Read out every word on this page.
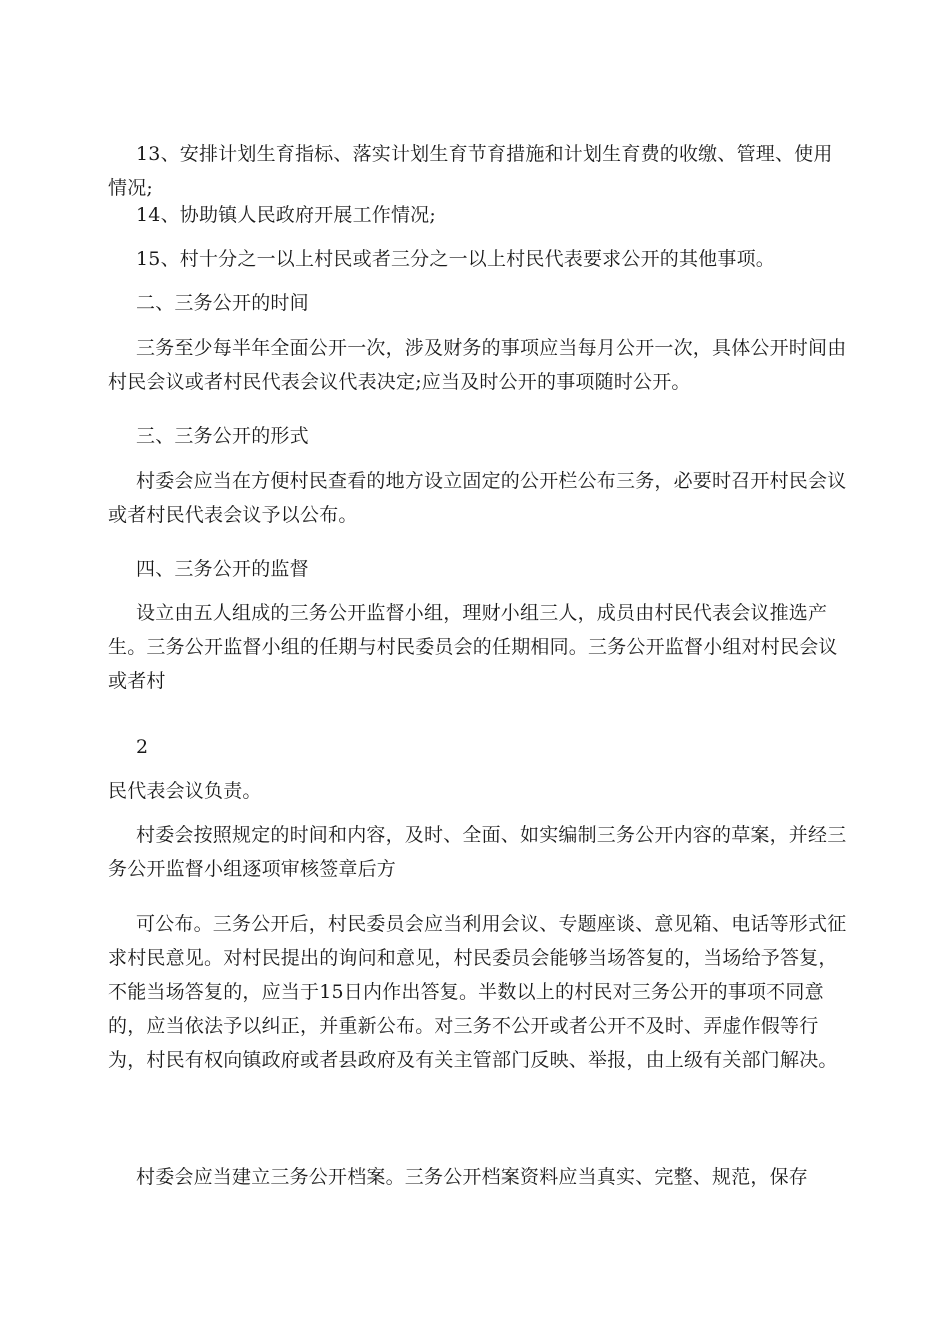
13、安排计划生育指标、落实计划生育节育措施和计划生育费的收缴、管理、使用情况;

14、协助镇人民政府开展工作情况;

15、村十分之一以上村民或者三分之一以上村民代表要求公开的其他事项。

二、三务公开的时间

三务至少每半年全面公开一次，涉及财务的事项应当每月公开一次，具体公开时间由村民会议或者村民代表会议代表决定;应当及时公开的事项随时公开。

三、三务公开的形式

村委会应当在方便村民查看的地方设立固定的公开栏公布三务，必要时召开村民会议或者村民代表会议予以公布。

四、三务公开的监督

设立由五人组成的三务公开监督小组，理财小组三人，成员由村民代表会议推选产生。三务公开监督小组的任期与村民委员会的任期相同。三务公开监督小组对村民会议或者村

2

民代表会议负责。

村委会按照规定的时间和内容，及时、全面、如实编制三务公开内容的草案，并经三务公开监督小组逐项审核签章后方

可公布。三务公开后，村民委员会应当利用会议、专题座谈、意见箱、电话等形式征求村民意见。对村民提出的询问和意见，村民委员会能够当场答复的，当场给予答复，不能当场答复的，应当于15日内作出答复。半数以上的村民对三务公开的事项不同意的，应当依法予以纠正，并重新公布。对三务不公开或者公开不及时、弄虚作假等行为，村民有权向镇政府或者县政府及有关主管部门反映、举报，由上级有关部门解决。

村委会应当建立三务公开档案。三务公开档案资料应当真实、完整、规范，保存
